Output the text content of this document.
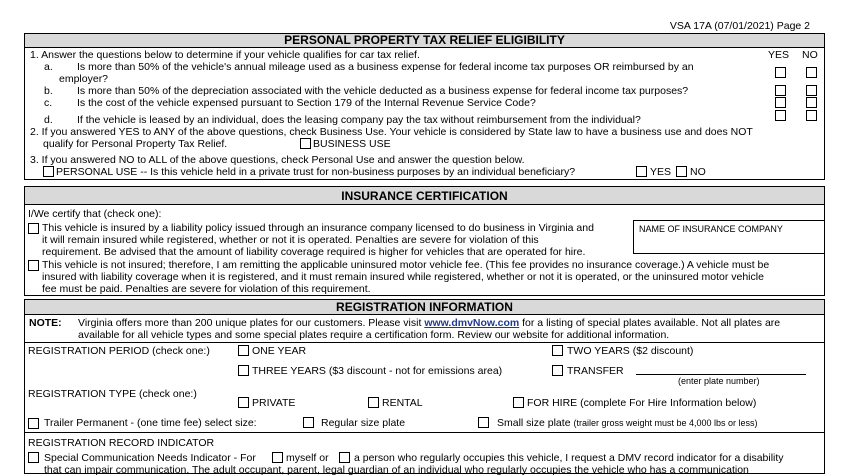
VSA 17A (07/01/2021) Page 2
PERSONAL PROPERTY TAX RELIEF ELIGIBILITY
1. Answer the questions below to determine if your vehicle qualifies for car tax relief.	YES NO
a. Is more than 50% of the vehicle's annual mileage used as a business expense for federal income tax purposes OR reimbursed by an
employer?
b. Is more than 50% of the depreciation associated with the vehicle deducted as a business expense for federal income tax purposes?
c. Is the cost of the vehicle expensed pursuant to Section 179 of the Internal Revenue Service Code?
d. If the vehicle is leased by an individual, does the leasing company pay the tax without reimbursement from the individual?
2. If you answered YES to ANY of the above questions, check Business Use. Your vehicle is considered by State law to have a business use and does NOT
qualify for Personal Property Tax Relief.	BUSINESS USE
3. If you answered NO to ALL of the above questions, check Personal Use and answer the question below.
PERSONAL USE -- Is this vehicle held in a private trust for non-business purposes by an individual beneficiary?	YES NO
INSURANCE CERTIFICATION
I/We certify that (check one):
This vehicle is insured by a liability policy issued through an insurance company licensed to do business in Virginia and
it will remain insured while registered, whether or not it is operated. Penalties are severe for violation of this
requirement. Be advised that the amount of liability coverage required is higher for vehicles that are operated for hire.
NAME OF INSURANCE COMPANY
This vehicle is not insured; therefore, I am remitting the applicable uninsured motor vehicle fee. (This fee provides no insurance coverage.) A vehicle must be
insured with liability coverage when it is registered, and it must remain insured while registered, whether or not it is operated, or the uninsured motor vehicle
fee must be paid. Penalties are severe for violation of this requirement.
REGISTRATION INFORMATION
NOTE: Virginia offers more than 200 unique plates for our customers. Please visit www.dmvNow.com for a listing of special plates available. Not all plates are
available for all vehicle types and some special plates require a certification form. Review our website for additional information.
REGISTRATION PERIOD (check one:)	ONE YEAR	TWO YEARS ($2 discount)
THREE YEARS ($3 discount - not for emissions area)	TRANSFER
(enter plate number)
REGISTRATION TYPE (check one:)
PRIVATE	RENTAL	FOR HIRE (complete For Hire Information below)
Trailer Permanent - (one time fee) select size:	Regular size plate	Small size plate (trailer gross weight must be 4,000 lbs or less)
REGISTRATION RECORD INDICATOR
Special Communication Needs Indicator - For	myself or a person who regularly occupies this vehicle, I request a DMV record indicator for a disability
that can impair communication. The adult occupant, parent, legal guardian of an individual who regularly occupies the vehicle who has a communication
